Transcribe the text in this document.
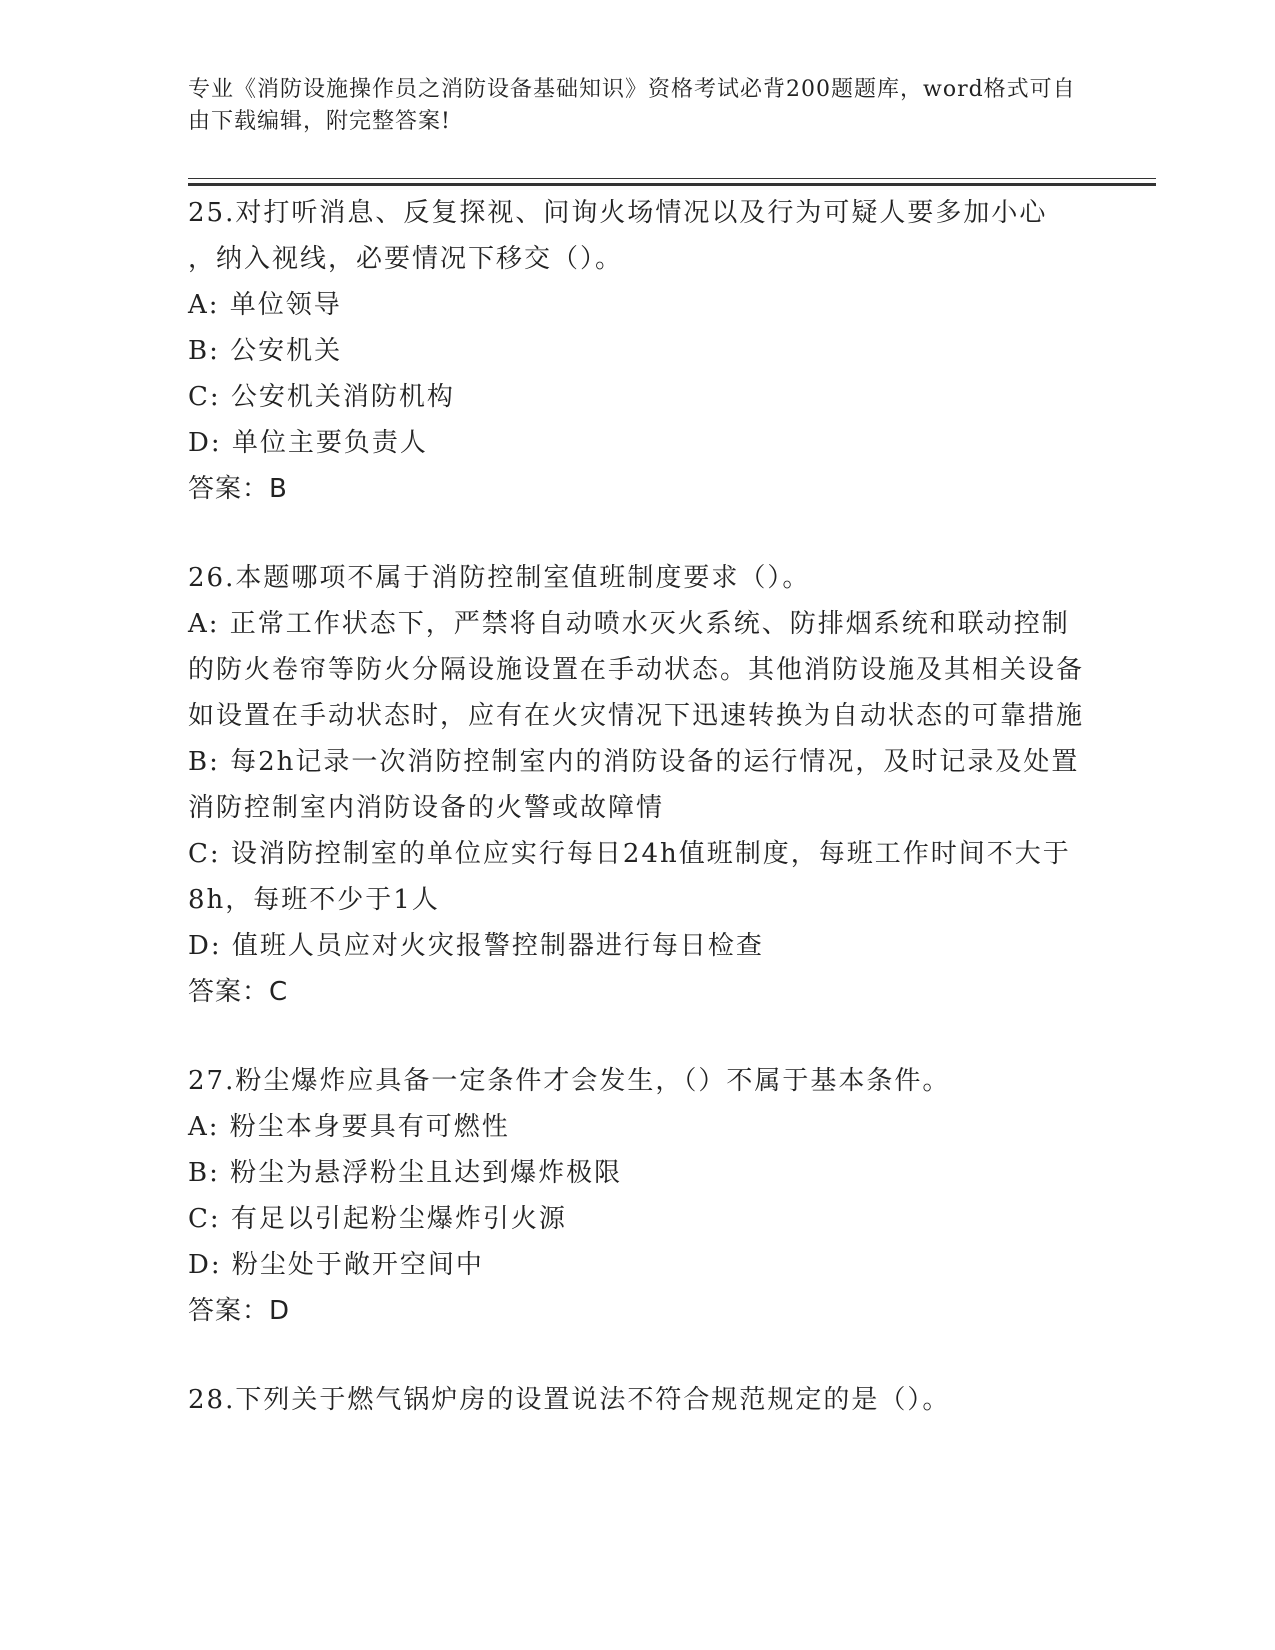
专业《消防设施操作员之消防设备基础知识》资格考试必背200题题库，word格式可自由下载编辑，附完整答案!
25.对打听消息、反复探视、问询火场情况以及行为可疑人要多加小心
，纳入视线，必要情况下移交（）。
A: 单位领导
B: 公安机关
C: 公安机关消防机构
D: 单位主要负责人
答案：B
26.本题哪项不属于消防控制室值班制度要求（）。
A: 正常工作状态下，严禁将自动喷水灭火系统、防排烟系统和联动控制的防火卷帘等防火分隔设施设置在手动状态。其他消防设施及其相关设备如设置在手动状态时，应有在火灾情况下迅速转换为自动状态的可靠措施
B: 每2h记录一次消防控制室内的消防设备的运行情况，及时记录及处置消防控制室内消防设备的火警或故障情
C: 设消防控制室的单位应实行每日24h值班制度，每班工作时间不大于8h，每班不少于1人
D: 值班人员应对火灾报警控制器进行每日检查
答案：C
27.粉尘爆炸应具备一定条件才会发生，（）不属于基本条件。
A: 粉尘本身要具有可燃性
B: 粉尘为悬浮粉尘且达到爆炸极限
C: 有足以引起粉尘爆炸引火源
D: 粉尘处于敞开空间中
答案：D
28.下列关于燃气锅炉房的设置说法不符合规范规定的是（）。
